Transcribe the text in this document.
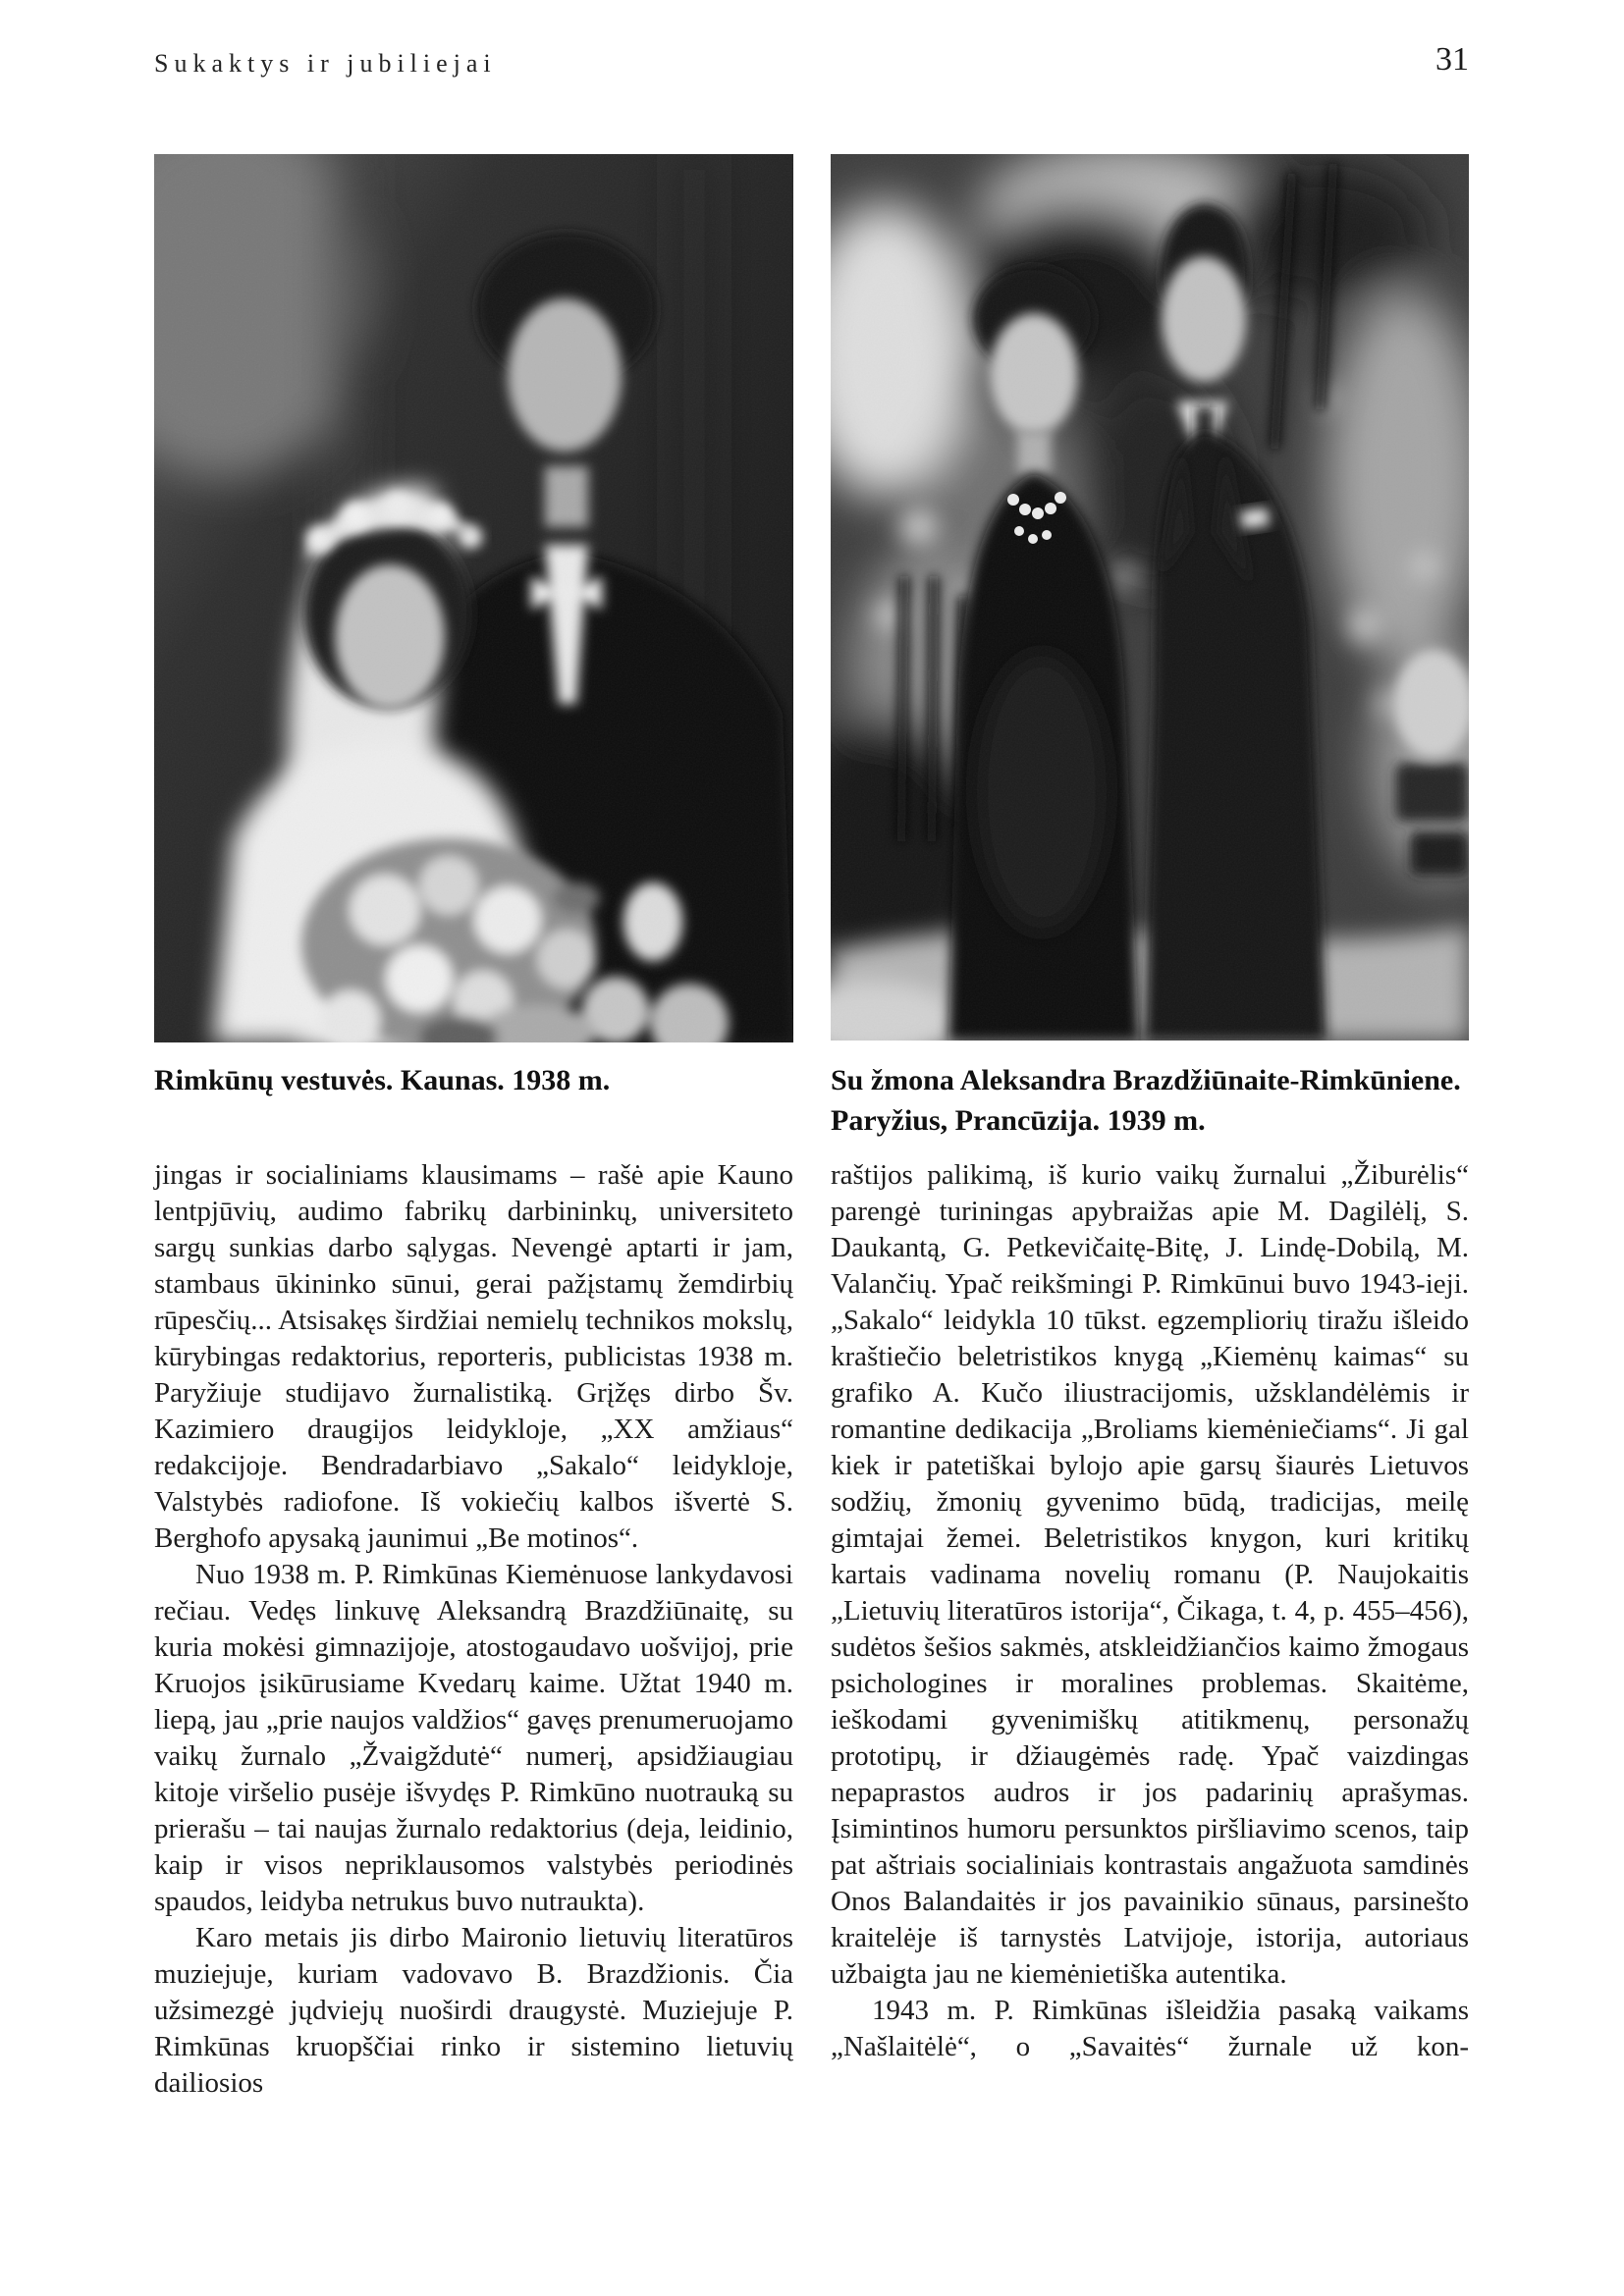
Sukaktys ir jubiliejai	31
Rimkūnų vestuvės. Kaunas. 1938 m.	Su žmona Aleksandra Brazdžiūnaite-Rimkūniene.
Paryžius, Prancūzija. 1939 m.

jingas ir socialiniams klausimams – rašė apie Kauno lentpjūvių, audimo fabrikų darbininkų, universiteto sargų sunkias darbo sąlygas. Nevengė aptarti ir jam, stambaus ūkininko sūnui, gerai pažįstamų žemdirbių rūpesčių... Atsisakęs širdžiai nemielų technikos mokslų, kūrybingas redaktorius, reporteris, publicistas 1938 m. Paryžiuje studijavo žurnalistiką. Grįžęs dirbo Šv. Kazimiero draugijos leidykloje, „XX amžiaus“ redakcijoje. Bendradarbiavo „Sakalo“ leidykloje, Valstybės radiofone. Iš vokiečių kalbos išvertė S. Berghofo apysaką jaunimui „Be motinos“.

Nuo 1938 m. P. Rimkūnas Kiemėnuose lankydavosi rečiau. Vedęs linkuvę Aleksandrą Brazdžiūnaitę, su kuria mokėsi gimnazijoje, atostogaudavo uošvijoj, prie Kruojos įsikūrusiame Kvedarų kaime. Užtat 1940 m. liepą, jau „prie naujos valdžios“ gavęs prenumeruojamo vaikų žurnalo „Žvaigždutė“ numerį, apsidžiaugiau kitoje viršelio pusėje išvydęs P. Rimkūno nuotrauką su prierašu – tai naujas žurnalo redaktorius (deja, leidinio, kaip ir visos nepriklausomos valstybės periodinės spaudos, leidyba netrukus buvo nutraukta).

Karo metais jis dirbo Maironio lietuvių literatūros muziejuje, kuriam vadovavo B. Brazdžionis. Čia užsimezgė jųdviejų nuoširdi draugystė. Muziejuje P. Rimkūnas kruopščiai rinko ir sistemino lietuvių dailiosios

raštijos palikimą, iš kurio vaikų žurnalui „Žiburėlis“ parengė turiningas apybraižas apie M. Dagilėlį, S. Daukantą, G. Petkevičaitę-Bitę, J. Lindę-Dobilą, M. Valančių. Ypač reikšmingi P. Rimkūnui buvo 1943-ieji. „Sakalo“ leidykla 10 tūkst. egzempliorių tiražu išleido kraštiečio beletristikos knygą „Kiemėnų kaimas“ su grafiko A. Kučo iliustracijomis, užsklandėlėmis ir romantine dedikacija „Broliams kiemėniečiams“. Ji gal kiek ir patetiškai bylojo apie garsų šiaurės Lietuvos sodžių, žmonių gyvenimo būdą, tradicijas, meilę gimtajai žemei. Beletristikos knygon, kuri kritikų kartais vadinama novelių romanu (P. Naujokaitis „Lietuvių literatūros istorija“, Čikaga, t. 4, p. 455–456), sudėtos šešios sakmės, atskleidžiančios kaimo žmogaus psichologines ir moralines problemas. Skaitėme, ieškodami gyvenimiškų atitikmenų, personažų prototipų, ir džiaugėmės radę. Ypač vaizdingas nepaprastos audros ir jos padarinių aprašymas. Įsimintinos humoru persunktos piršliavimo scenos, taip pat aštriais socialiniais kontrastais angažuota samdinės Onos Balandaitės ir jos pavainikio sūnaus, parsinešto kraitelėje iš tarnystės Latvijoje, istorija, autoriaus užbaigta jau ne kiemėnietiška autentika.

1943 m. P. Rimkūnas išleidžia pasaką vaikams „Našlaitėlė“, o „Savaitės“ žurnale už kon-
